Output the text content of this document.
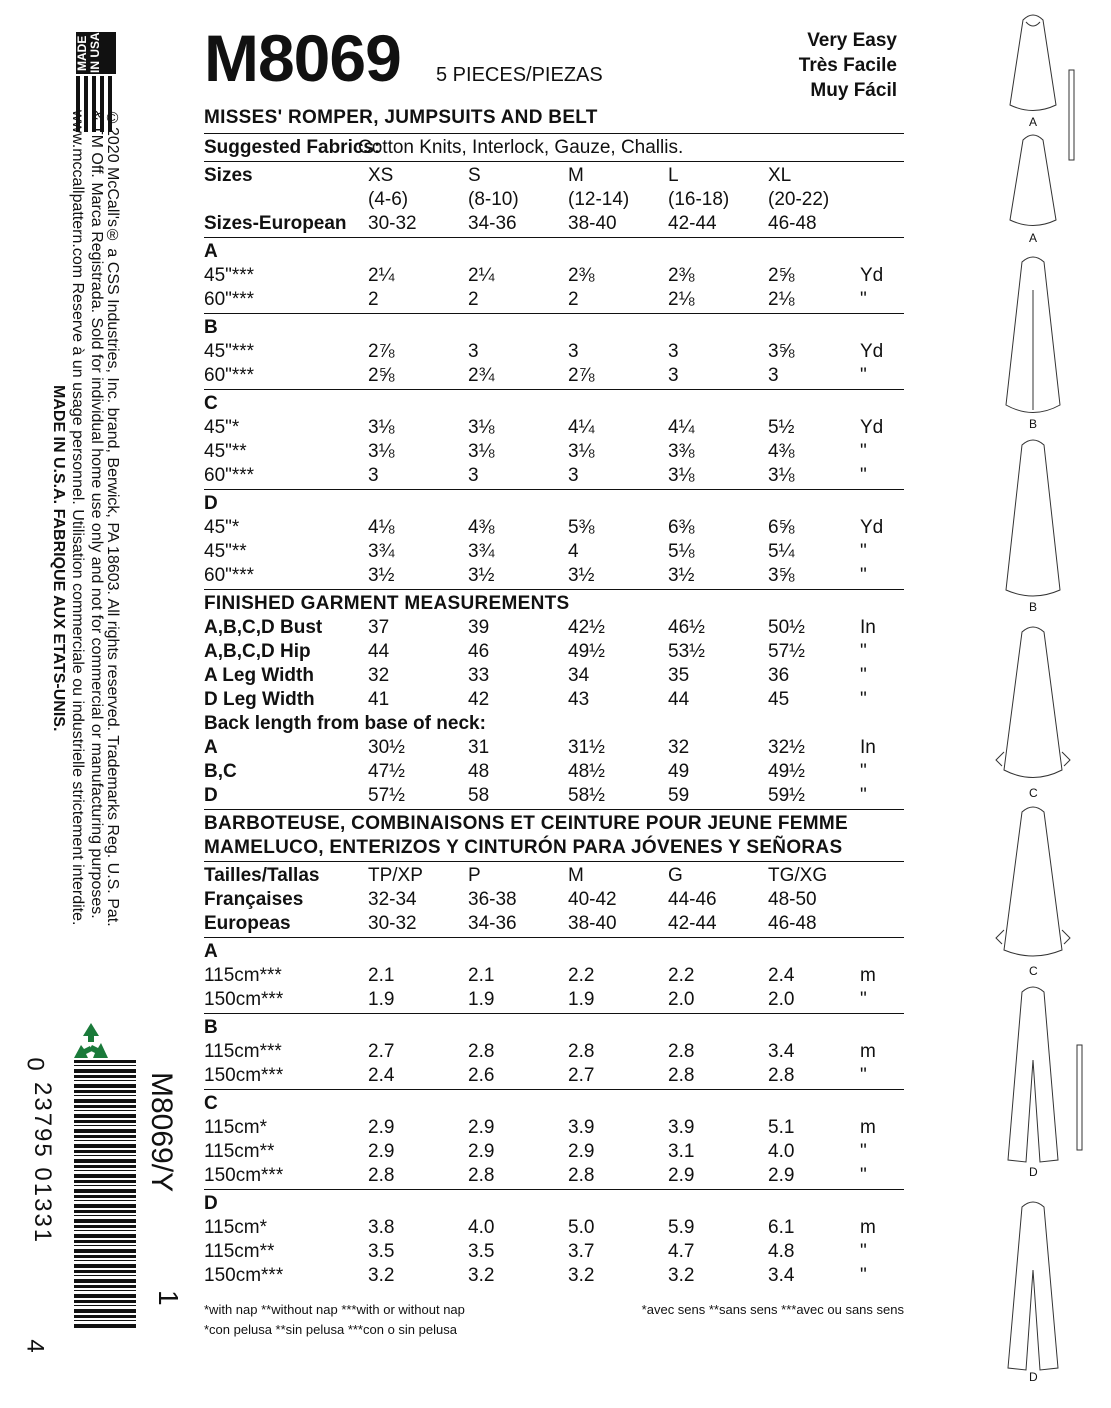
MADE IN USA
©2020 McCall's® a CSS Industries, Inc. brand, Berwick, PA 18603. All rights reserved. Trademarks Reg. U.S. Pat.
& TM Off. Marca Registrada. Sold for individual home use only and not for commercial or manufacturing purposes.
www.mccallpattern.com Reserve à un usage personnel. Utilisation commerciale ou industrielle strictement interdite.
MADE IN U.S.A. FABRIQUE AUX ETATS-UNIS.
0
23795 01331
4
M8069/Y
1
M8069 5 PIECES/PIEZAS
Very Easy
Très Facile
Muy Fácil
MISSES' ROMPER, JUMPSUITS AND BELT
Suggested Fabrics:
Cotton Knits, Interlock, Gauze, Challis.
Sizes	XS	S	M	L	XL
(4-6)	(8-10)	(12-14) (16-18) (20-22)
Sizes-European 30-32	34-36	38-40	42-44	46-48
A
45"***	2¼	2¼	2⅜	2⅜	2⅝	Yd
60"***	2	2	2	2⅛	2⅛	"
B
45"***	2⅞	3	3	3	3⅝	Yd
60"***	2⅝	2¾	2⅞	3	3	"
C
45"*	3⅛	3⅛	4¼	4¼	5½	Yd
45"**	3⅛	3⅛	3⅛	3⅜	4⅜	"
60"***	3	3	3	3⅛	3⅛	"
D
45"*	4⅛	4⅜	5⅜	6⅜	6⅝	Yd
45"**	3¾	3¾	4	5⅛	5¼	"
60"***	3½	3½	3½	3½	3⅝	"
FINISHED GARMENT MEASUREMENTS
A,B,C,D Bust 37	39	42½	46½	50½	In
A,B,C,D Hip	44	46	49½	53½	57½	"
A Leg Width	32	33	34	35	36	"
D Leg Width	41	42	43	44	45	"
Back length from base of neck:
A	30½	31	31½	32	32½	In
B,C	47½	48	48½	49	49½	"
D	57½	58	58½	59	59½	"
BARBOTEUSE, COMBINAISONS ET CEINTURE POUR JEUNE FEMME
MAMELUCO, ENTERIZOS Y CINTURÓN PARA JÓVENES Y SEÑORAS
Tailles/Tallas	TP/XP P	M	G	TG/XG
Françaises	32-34	36-38	40-42	44-46	48-50
Europeas	30-32	34-36	38-40	42-44	46-48
A
115cm***	2.1	2.1	2.2	2.2	2.4	m
150cm***	1.9	1.9	1.9	2.0	2.0	"
B
115cm***	2.7	2.8	2.8	2.8	3.4	m
150cm***	2.4	2.6	2.7	2.8	2.8	"
C
115cm*	2.9	2.9	3.9	3.9	5.1	m
115cm**	2.9	2.9	2.9	3.1	4.0	"
150cm***	2.8	2.8	2.8	2.9	2.9	"
D
115cm*	3.8	4.0	5.0	5.9	6.1	m
115cm**	3.5	3.5	3.7	4.7	4.8	"
150cm***	3.2	3.2	3.2	3.2	3.4	"
*with nap **without nap ***with or without nap
*con pelusa **sin pelusa ***con o sin pelusa
*avec sens **sans sens ***avec ou sans sens
A
A
B
B
C
C
D
D
